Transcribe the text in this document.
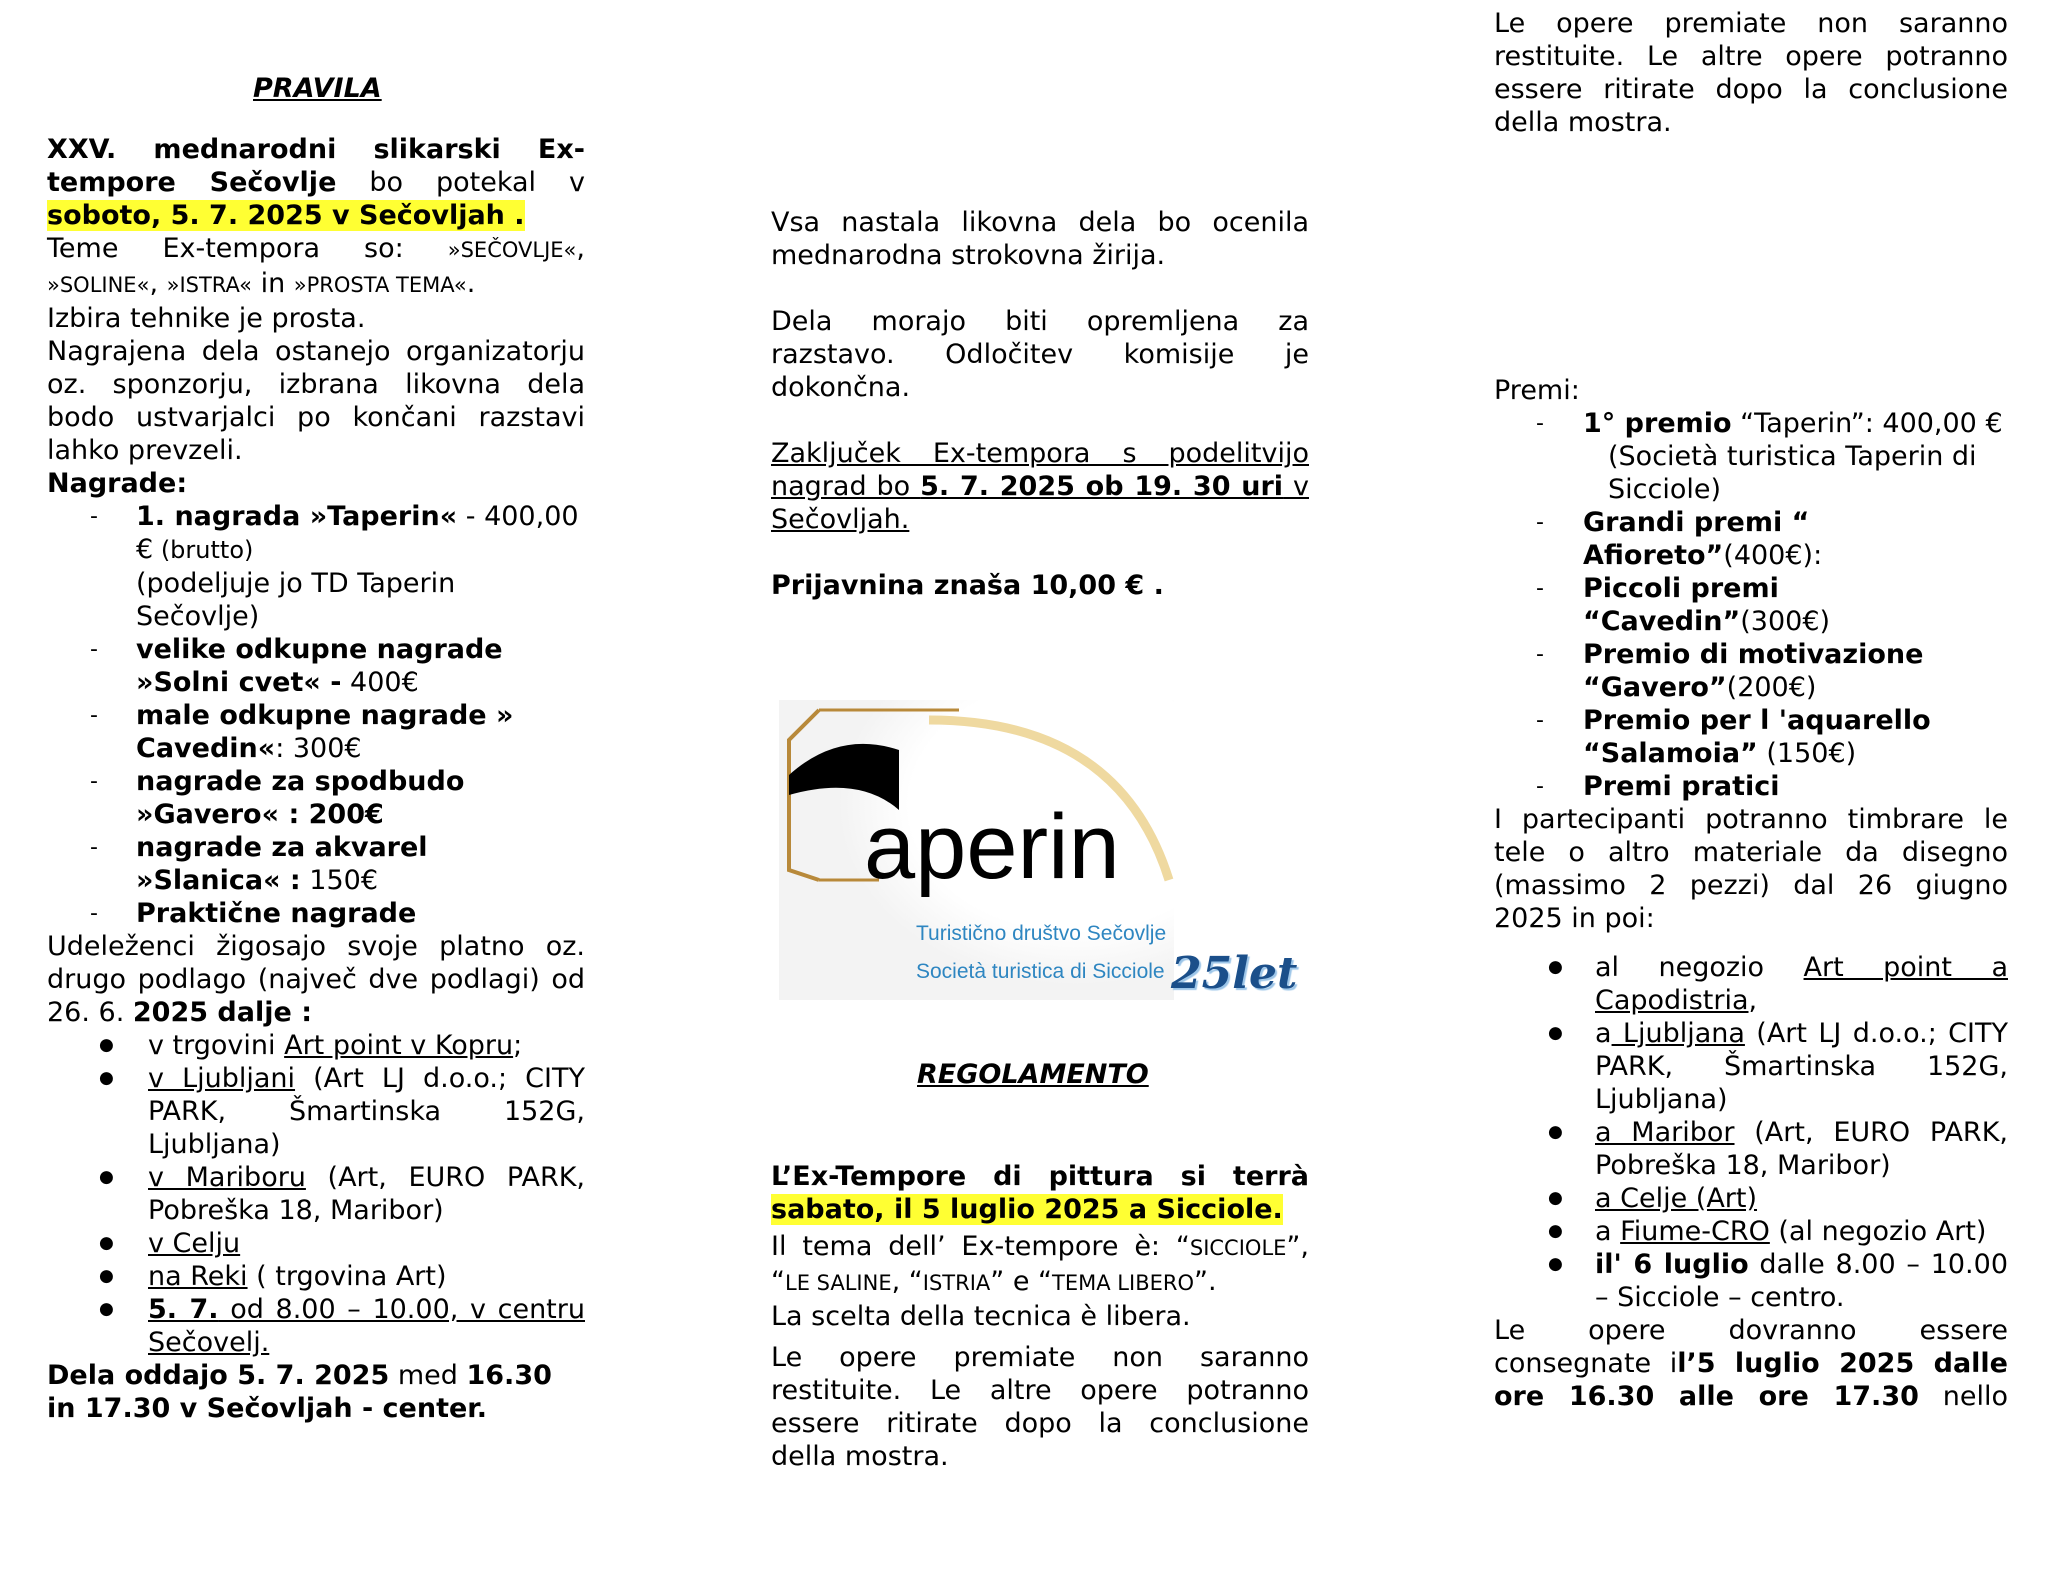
PRAVILA
XXV. mednarodni slikarski Ex-tempore Sečovlje bo potekal v soboto, 5. 7. 2025 v Sečovljah .
Teme Ex-tempora so: »SEČOVLJE«, »SOLINE«, »ISTRA« in »PROSTA TEMA«.
Izbira tehnike je prosta.
Nagrajena dela ostanejo organizatorju oz. sponzorju, izbrana likovna dela bodo ustvarjalci po končani razstavi lahko prevzeli.
Nagrade:
- 1. nagrada »Taperin« - 400,00 € (brutto)
(podeljuje jo TD Taperin Sečovlje)
- velike odkupne nagrade »Solni cvet« - 400€
- male odkupne nagrade » Cavedin«: 300€
- nagrade za spodbudo »Gavero« : 200€
- nagrade za akvarel »Slanica« : 150€
- Praktične nagrade
Udeleženci žigosajo svoje platno oz. drugo podlago (največ dve podlagi) od 26. 6. 2025 dalje :
● v trgovini Art point v Kopru;
● v Ljubljani (Art LJ d.o.o.; CITY PARK, Šmartinska 152G, Ljubljana)
● v Mariboru (Art, EURO PARK, Pobreška 18, Maribor)
● v Celju
● na Reki ( trgovina Art)
● 5. 7. od 8.00 – 10.00, v centru Sečovelj.
Dela oddajo 5. 7. 2025 med 16.30 in 17.30 v Sečovljah - center.
Vsa nastala likovna dela bo ocenila mednarodna strokovna žirija.
Dela morajo biti opremljena za razstavo. Odločitev komisije je dokončna.
Zaključek Ex-tempora s podelitvijo nagrad bo 5. 7. 2025 ob 19. 30 uri v Sečovljah.
Prijavnina znaša 10,00 € .
aperin
Turistično društvo Sečovlje
Società turistica di Sicciole 25let
REGOLAMENTO
L’Ex-Tempore di pittura si terrà sabato, il 5 luglio 2025 a Sicciole.
Il tema dell’ Ex-tempore è: “SICCIOLE”, “LE SALINE, “ISTRIA” e “TEMA LIBERO”.
La scelta della tecnica è libera.
Le opere premiate non saranno restituite. Le altre opere potranno essere ritirate dopo la conclusione della mostra.
Le opere premiate non saranno restituite. Le altre opere potranno essere ritirate dopo la conclusione della mostra.
Premi:
- 1° premio “Taperin”: 400,00 €

(Società turistica Taperin di Sicciole)
- Grandi premi “ Afioreto”(400€):
- Piccoli premi “Cavedin”(300€)
- Premio di motivazione “Gavero”(200€)
- Premio per l 'aquarello “Salamoia” (150€)
- Premi pratici
I partecipanti potranno timbrare le tele o altro materiale da disegno (massimo 2 pezzi) dal 26 giugno 2025 in poi:
● al negozio Art point a Capodistria,
● a Ljubljana (Art LJ d.o.o.; CITY PARK, Šmartinska 152G, Ljubljana)
● a Maribor (Art, EURO PARK, Pobreška 18, Maribor)
● a Celje (Art)
● a Fiume-CRO (al negozio Art)
● il' 6 luglio dalle 8.00 – 10.00 – Sicciole – centro.
Le opere dovranno essere consegnate il’5 luglio 2025 dalle ore 16.30 alle ore 17.30 nello
